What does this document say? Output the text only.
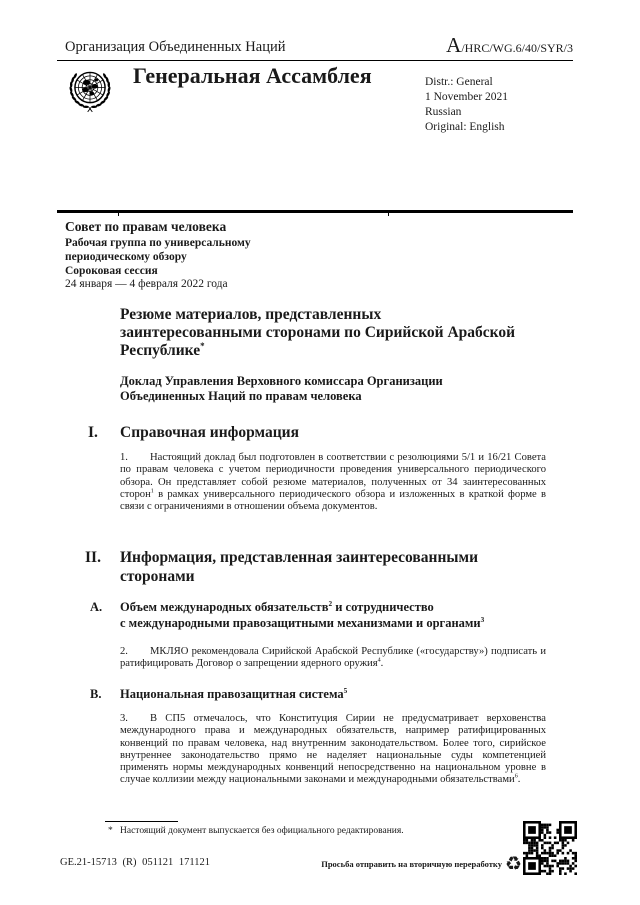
Организация Объединенных Наций	A /HRC/WG.6/40/SYR/3
Генеральная Ассамблея	Distr.: General
1 November 2021
Russian
Original: English
Совет по правам человека
Рабочая группа по универсальному
периодическому обзору
Сороковая сессия
24 января — 4 февраля 2022 года
Резюме материалов, представленных
заинтересованными сторонами по Сирийской Арабской
Республике*
Доклад Управления Верховного комиссара Организации
Объединенных Наций по правам человека
I. Справочная информация

1. Настоящий доклад был подготовлен в соответствии с резолюциями 5/1 и 16/21 Совета по правам человека с учетом периодичности проведения универсального периодического обзора. Он представляет собой резюме материалов, полученных от 34 заинтересованных сторон$^1$ в рамках универсального периодического обзора и изложенных в краткой форме в связи с ограничениями в отношении объема документов.

II. Информация, представленная заинтересованными
сторонами
A. Объем международных обязательств$^2$ и сотрудничество
с международными правозащитными механизмами и органами$^3$

2. МКЛЯО рекомендовала Сирийской Арабской Республике («государству») подписать и ратифицировать Договор о запрещении ядерного оружия$^4$.

B. Национальная правозащитная система$^5$

3. В СП5 отмечалось, что Конституция Сирии не предусматривает верховенства международного права и международных обязательств, например ратифицированных конвенций по правам человека, над внутренним законодательством. Более того, сирийское внутреннее законодательство прямо не наделяет национальные суды компетенцией применять нормы международных конвенций непосредственно на национальном уровне в случае коллизии между национальными законами и международными обязательствами$^6$.

* Настоящий документ выпускается без официального редактирования.
GE.21-15713 (R) 051121 171121	Просьба отправить на вторичную переработку ♻
